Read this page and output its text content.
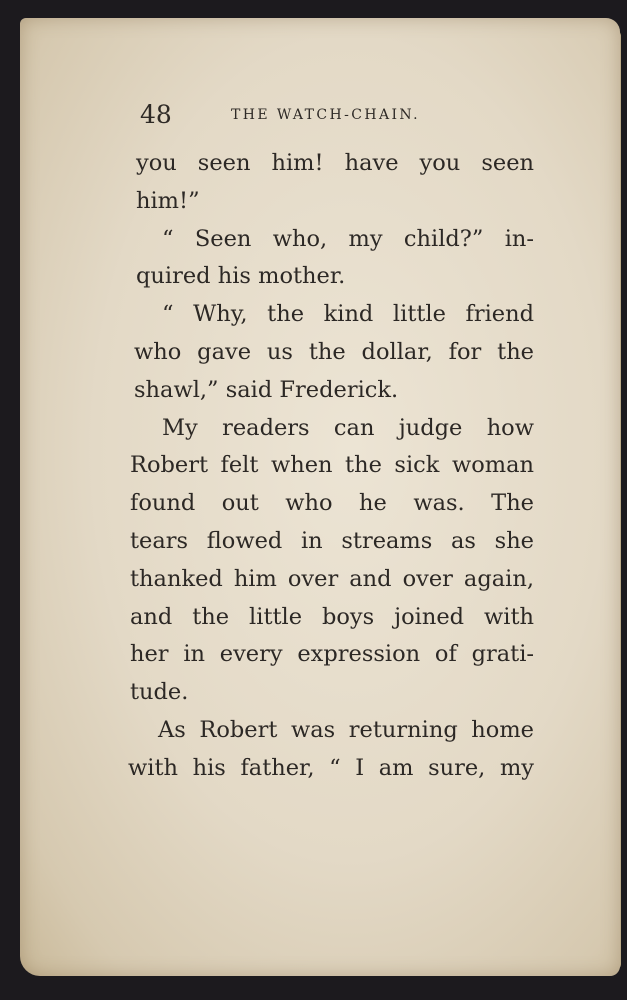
48	THE WATCH-CHAIN.
you seen him! have you seen
him!”
“ Seen who, my child?” in-
quired his mother.
“ Why, the kind little friend
who gave us the dollar, for the
shawl,” said Frederick.
My readers can judge how
Robert felt when the sick woman
found out who he was. The
tears flowed in streams as she
thanked him over and over again,
and the little boys joined with
her in every expression of grati-
tude.
As Robert was returning home
with his father, “ I am sure, my
